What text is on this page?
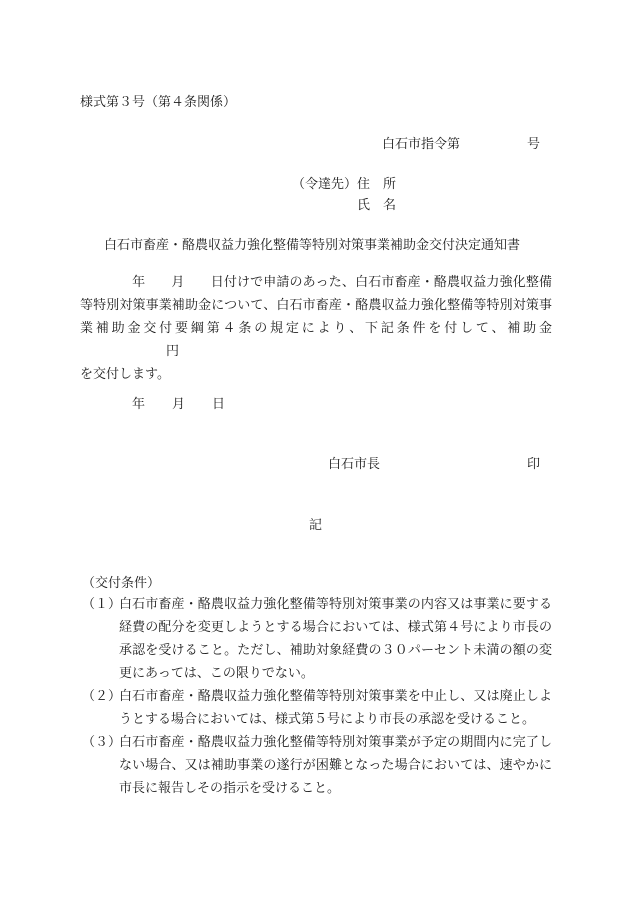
様式第３号（第４条関係）
白石市指令第	号
（令達先） 住　所
氏　名
白石市畜産・酪農収益力強化整備等特別対策事業補助金交付決定通知書
年 月 日付けで申請のあった、白石市畜産・酪農収益力強化整備等特別対策事業補助金について、白石市畜産・酪農収益力強化整備等特別対策事業補助金交付要綱第４条の規定により、下記条件を付して、補助金円
を交付します。
年 月 日
白石市長	印
記
（交付条件）
（１）
白石市畜産・酪農収益力強化整備等特別対策事業の内容又は事業に要する経費の配分を変更しようとする場合においては、様式第４号により市長の承認を受けること。ただし、補助対象経費の３０パーセント未満の額の変更にあっては、この限りでない。
（２）
白石市畜産・酪農収益力強化整備等特別対策事業を中止し、又は廃止しようとする場合においては、様式第５号により市長の承認を受けること。
（３）
白石市畜産・酪農収益力強化整備等特別対策事業が予定の期間内に完了しない場合、又は補助事業の遂行が困難となった場合においては、速やかに市長に報告しその指示を受けること。
